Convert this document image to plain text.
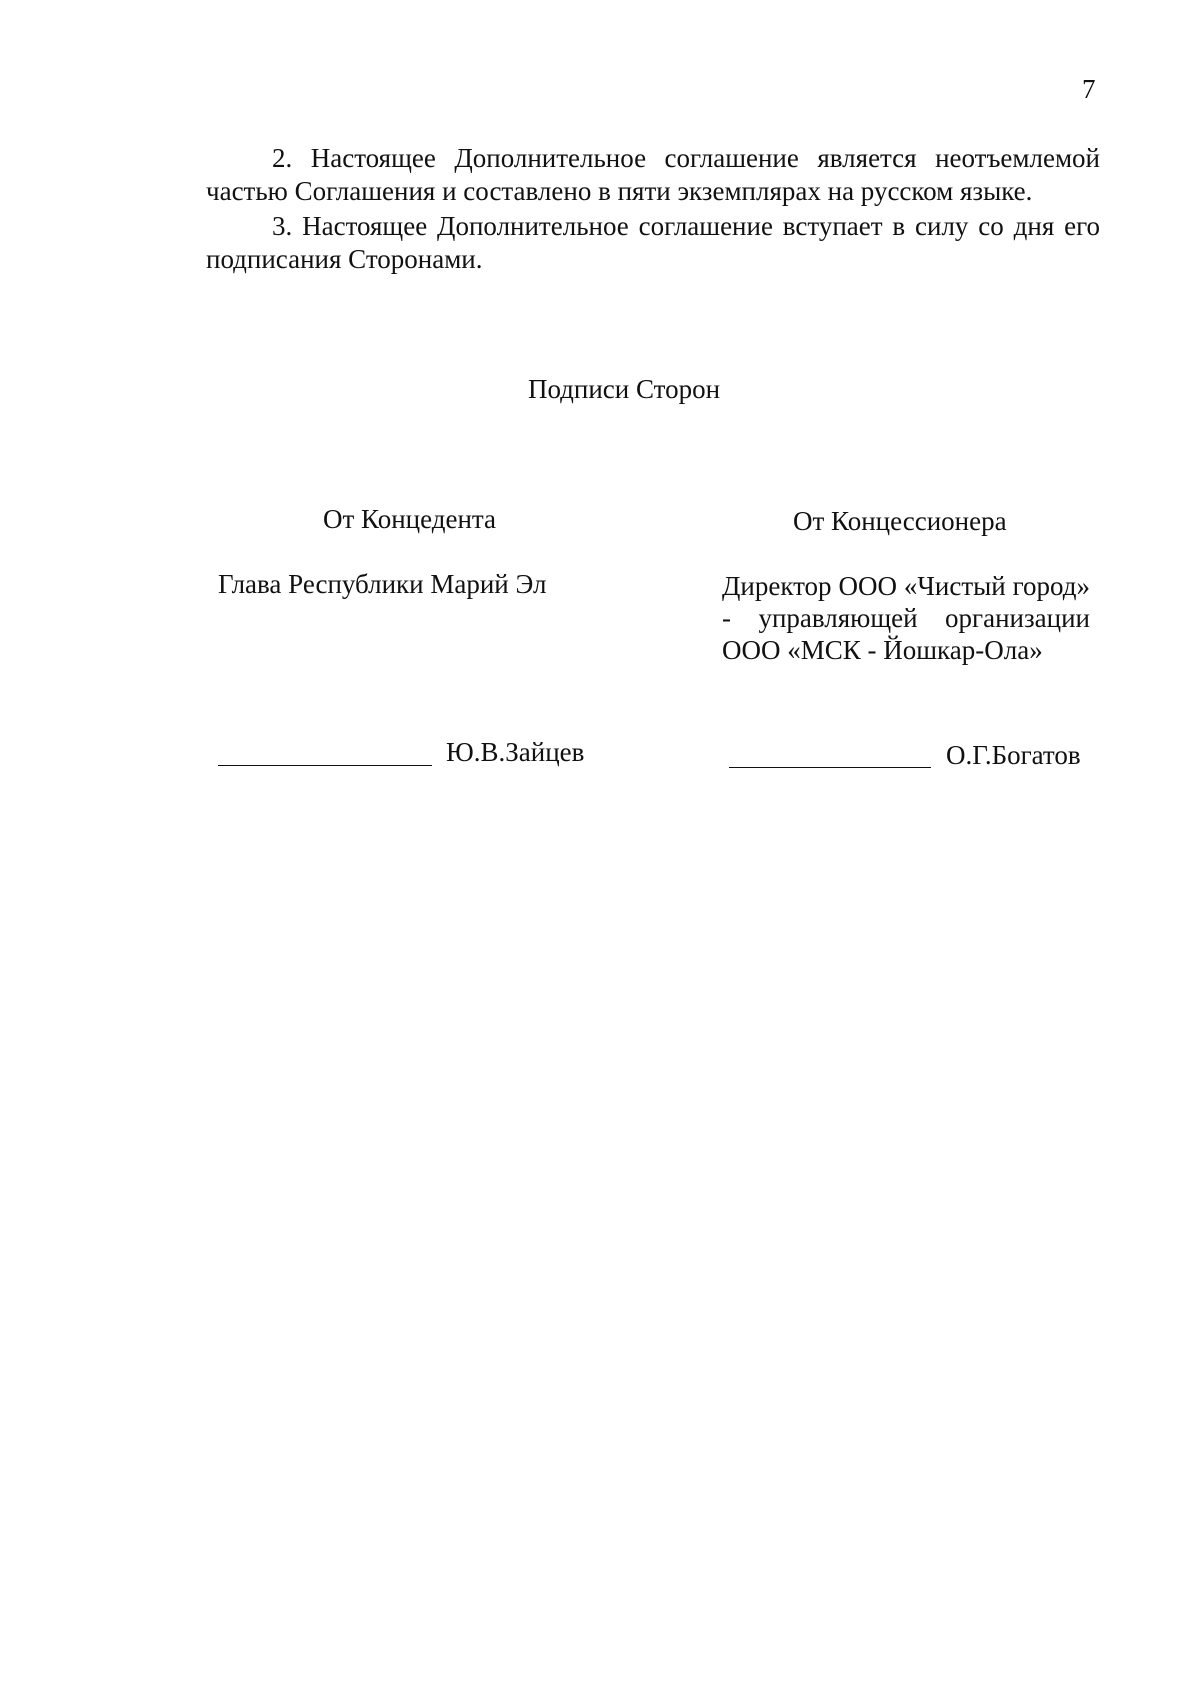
7
2. Настоящее Дополнительное соглашение является неотъемлемой частью Соглашения и составлено в пяти экземплярах на русском языке.
3. Настоящее Дополнительное соглашение вступает в силу со дня его подписания Сторонами.
Подписи Сторон
От Концедента	От Концессионера
Глава Республики Марий Эл	Директор ООО «Чистый город» - управляющей организации ООО «МСК - Йошкар-Ола»
Ю.В.Зайцев	О.Г.Богатов
